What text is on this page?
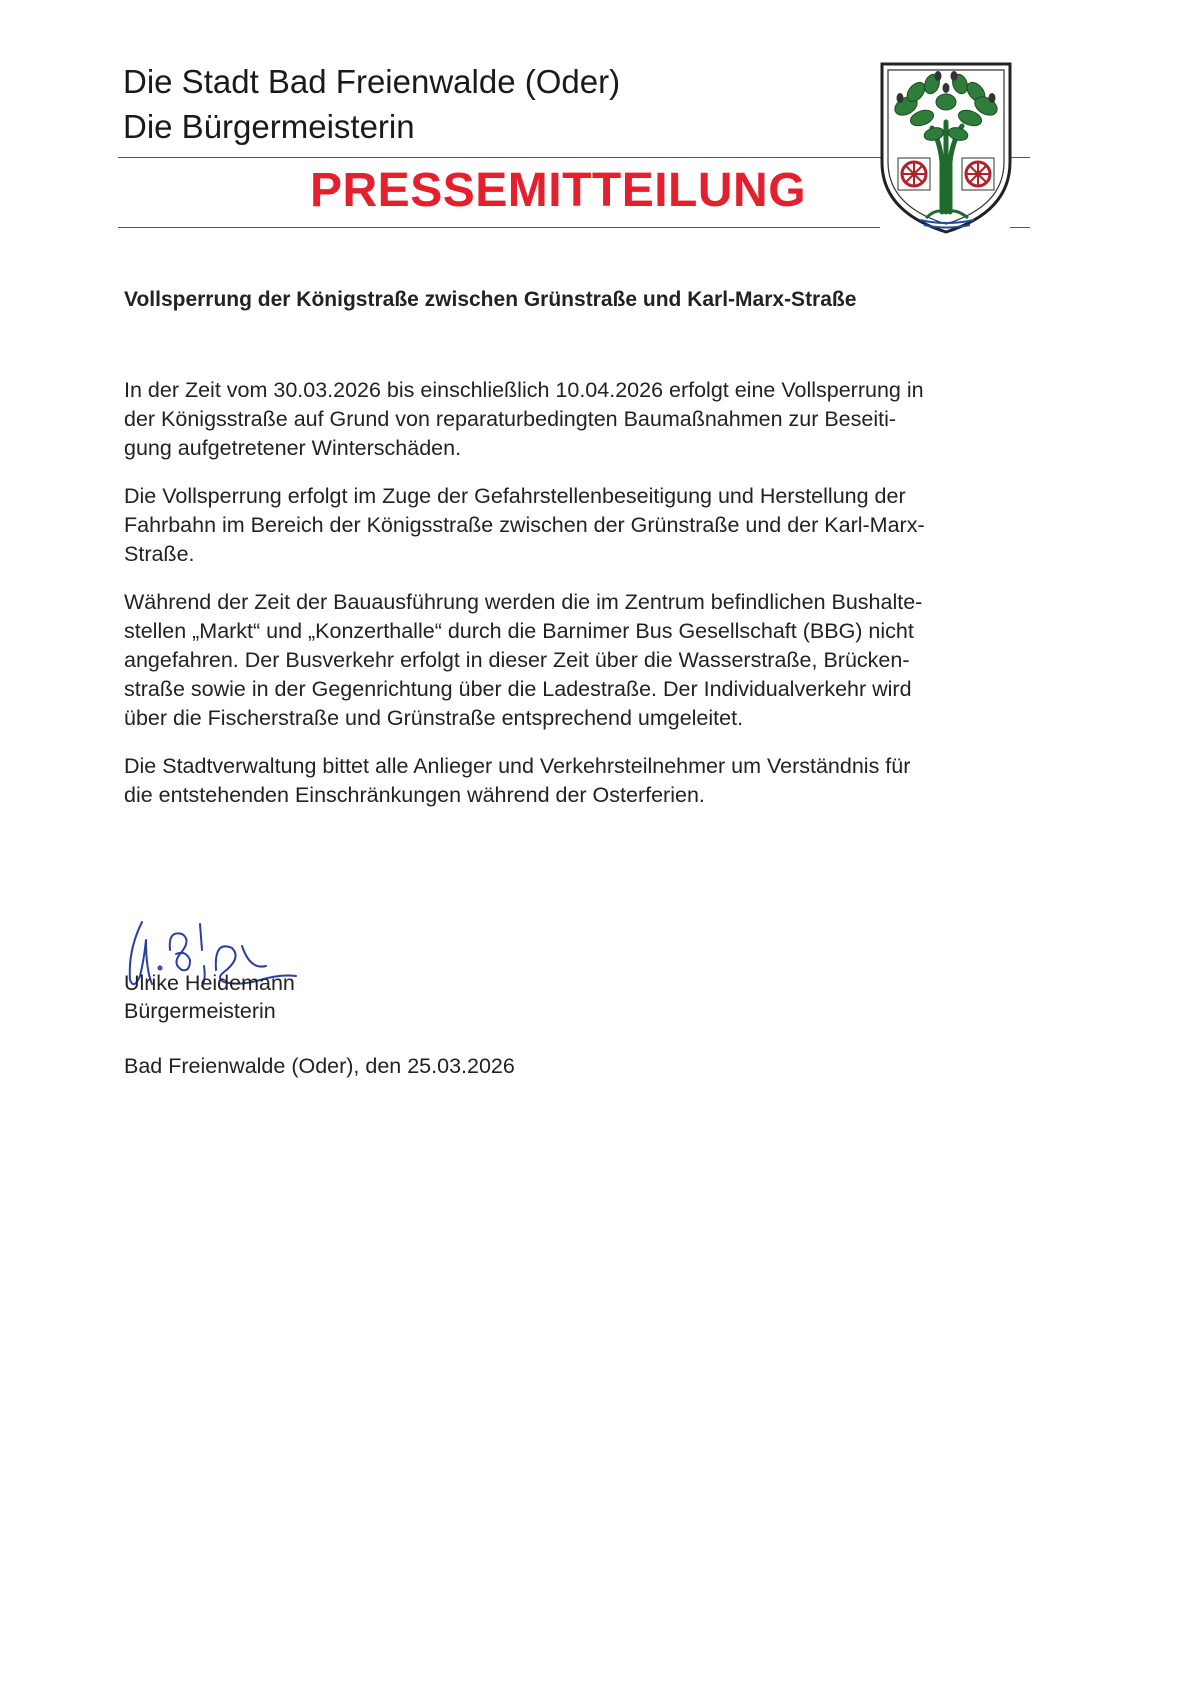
Die Stadt Bad Freienwalde (Oder)
Die Bürgermeisterin
PRESSEMITTEILUNG
Vollsperrung der Königstraße zwischen Grünstraße und Karl-Marx-Straße

In der Zeit vom 30.03.2026 bis einschließlich 10.04.2026 erfolgt eine Vollsperrung in
der Königsstraße auf Grund von reparaturbedingten Baumaßnahmen zur Beseiti-
gung aufgetretener Winterschäden.

Die Vollsperrung erfolgt im Zuge der Gefahrstellenbeseitigung und Herstellung der
Fahrbahn im Bereich der Königsstraße zwischen der Grünstraße und der Karl-Marx-
Straße.

Während der Zeit der Bauausführung werden die im Zentrum befindlichen Bushalte-
stellen „Markt“ und „Konzerthalle“ durch die Barnimer Bus Gesellschaft (BBG) nicht
angefahren. Der Busverkehr erfolgt in dieser Zeit über die Wasserstraße, Brücken-
straße sowie in der Gegenrichtung über die Ladestraße. Der Individualverkehr wird
über die Fischerstraße und Grünstraße entsprechend umgeleitet.

Die Stadtverwaltung bittet alle Anlieger und Verkehrsteilnehmer um Verständnis für
die entstehenden Einschränkungen während der Osterferien.

Ulrike Heidemann
Bürgermeisterin
Bad Freienwalde (Oder), den 25.03.2026
